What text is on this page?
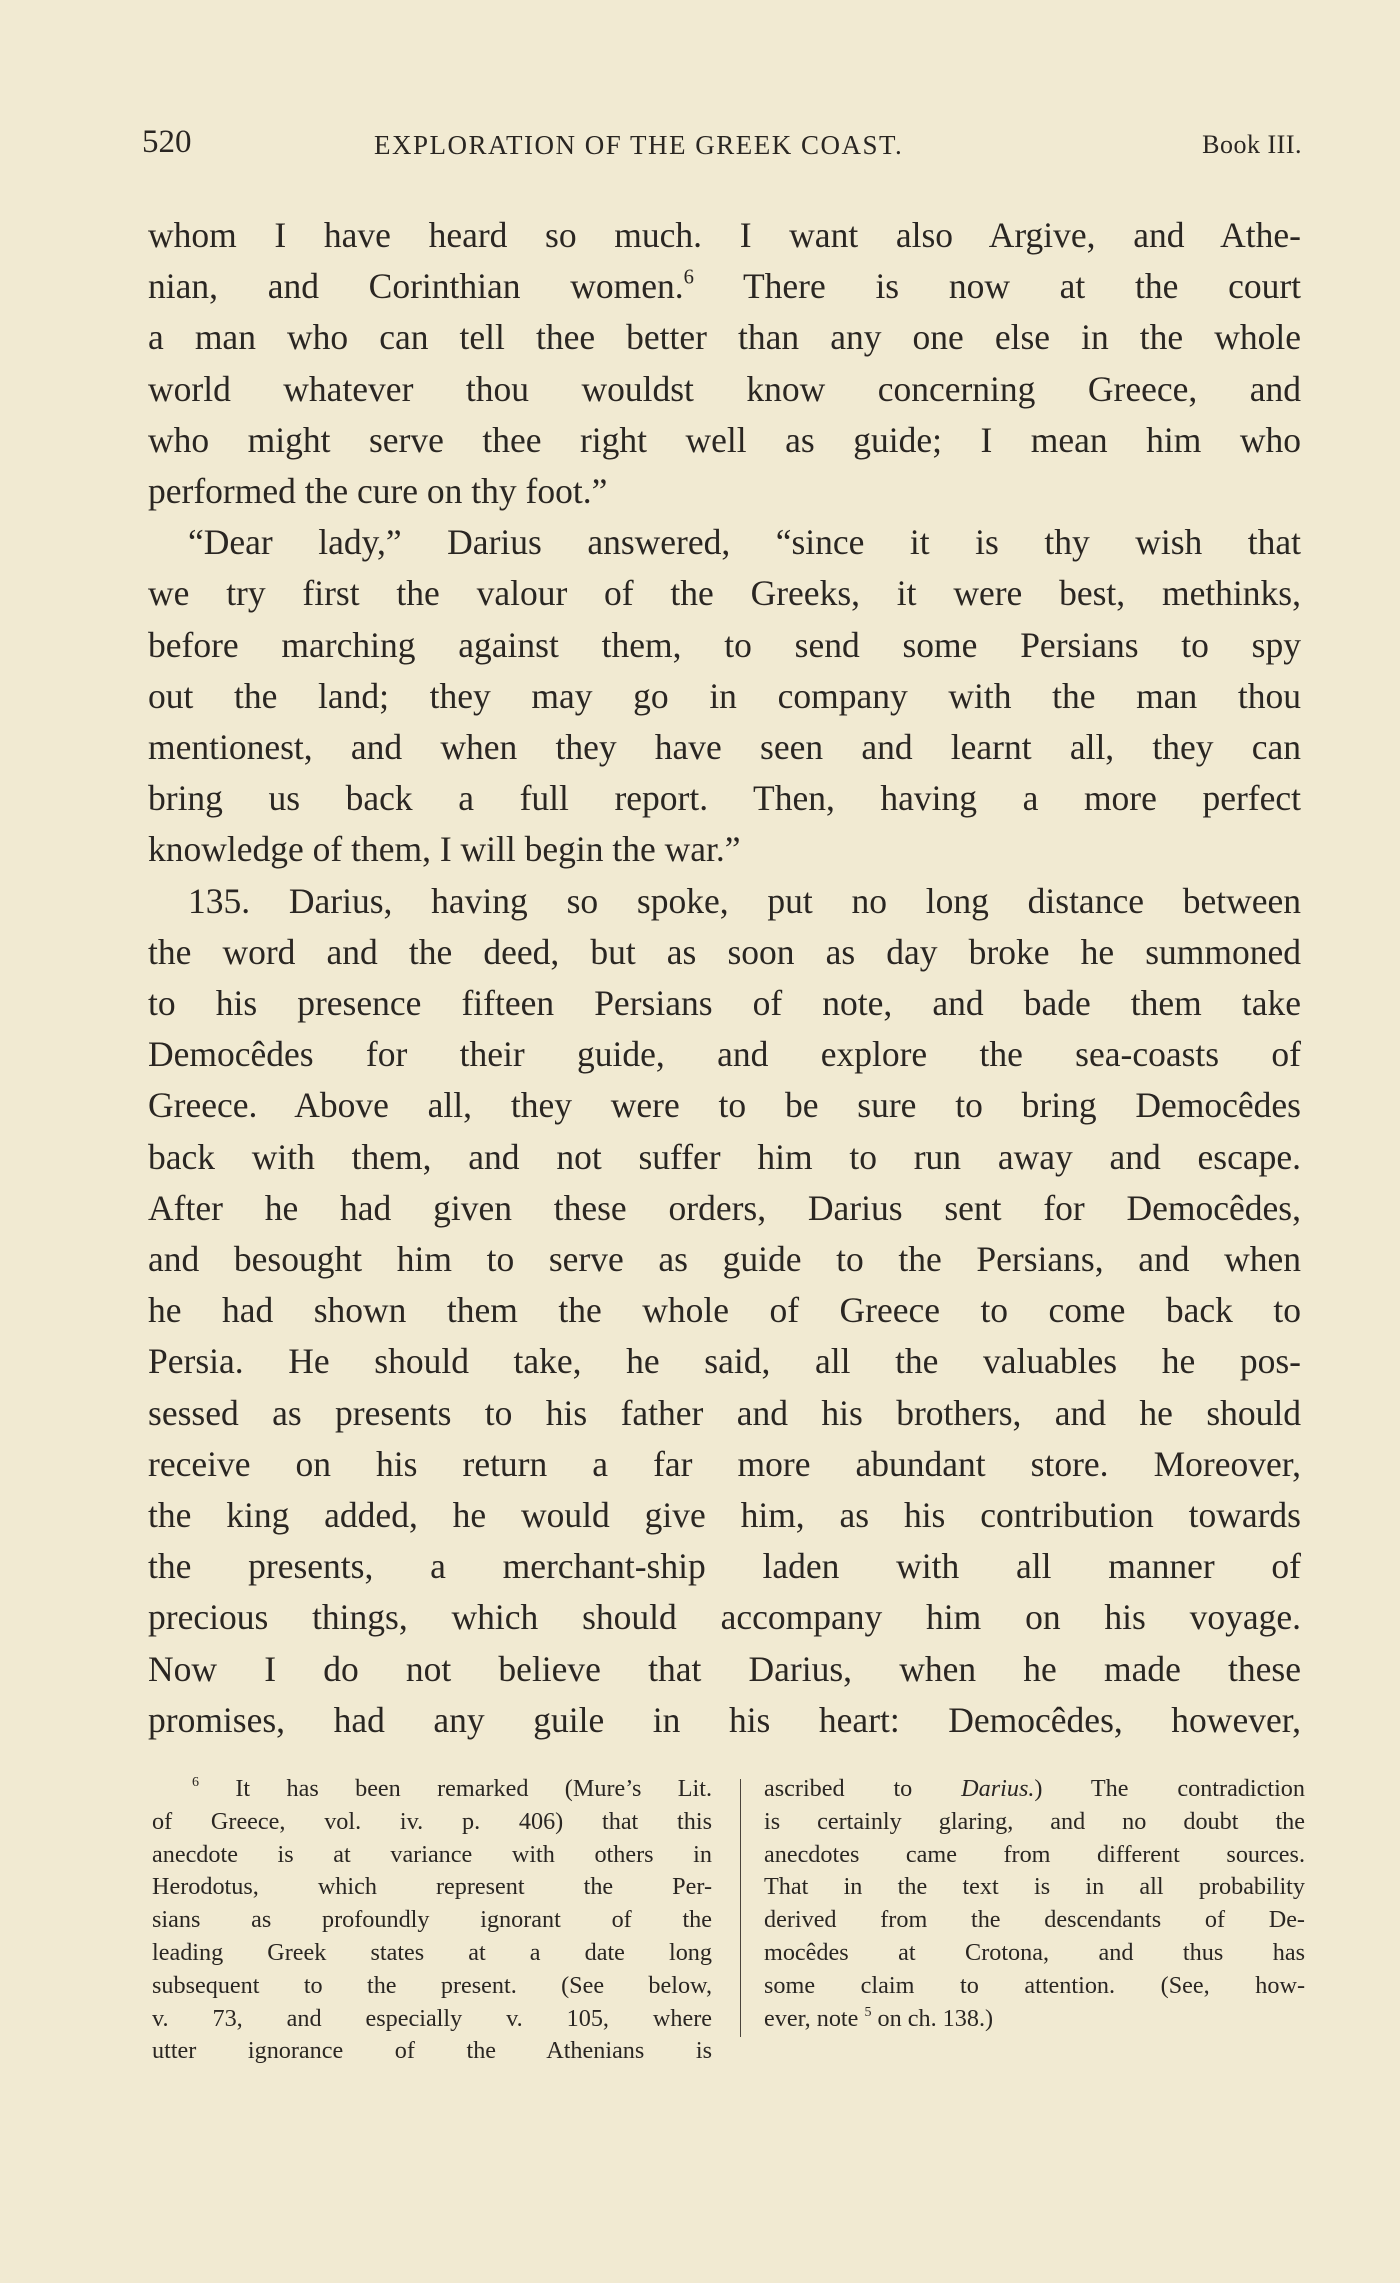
520	EXPLORATION OF THE GREEK COAST.	Book III.
whom I have heard so much. I want also Argive, and Athe-
nian, and Corinthian women.$^6$ There is now at the court
a man who can tell thee better than any one else in the whole
world whatever thou wouldst know concerning Greece, and
who might serve thee right well as guide; I mean him who
performed the cure on thy foot.”
“Dear lady,” Darius answered, “since it is thy wish that
we try first the valour of the Greeks, it were best, methinks,
before marching against them, to send some Persians to spy
out the land; they may go in company with the man thou
mentionest, and when they have seen and learnt all, they can
bring us back a full report. Then, having a more perfect
knowledge of them, I will begin the war.”
135. Darius, having so spoke, put no long distance between
the word and the deed, but as soon as day broke he summoned
to his presence fifteen Persians of note, and bade them take
Democêdes for their guide, and explore the sea-coasts of
Greece. Above all, they were to be sure to bring Democêdes
back with them, and not suffer him to run away and escape.
After he had given these orders, Darius sent for Democêdes,
and besought him to serve as guide to the Persians, and when
he had shown them the whole of Greece to come back to
Persia. He should take, he said, all the valuables he pos-
sessed as presents to his father and his brothers, and he should
receive on his return a far more abundant store. Moreover,
the king added, he would give him, as his contribution towards
the presents, a merchant-ship laden with all manner of
precious things, which should accompany him on his voyage.
Now I do not believe that Darius, when he made these
promises, had any guile in his heart: Democêdes, however,
$^6$ It has been remarked (Mure’s Lit.
of Greece, vol. iv. p. 406) that this
anecdote is at variance with others in
Herodotus, which represent the Per-
sians as profoundly ignorant of the
leading Greek states at a date long
subsequent to the present. (See below,
v. 73, and especially v. 105, where
utter ignorance of the Athenians is
ascribed to Darius.) The contradiction
is certainly glaring, and no doubt the
anecdotes came from different sources.
That in the text is in all probability
derived from the descendants of De-
mocêdes at Crotona, and thus has
some claim to attention. (See, how-
ever, note $^5$ on ch. 138.)
